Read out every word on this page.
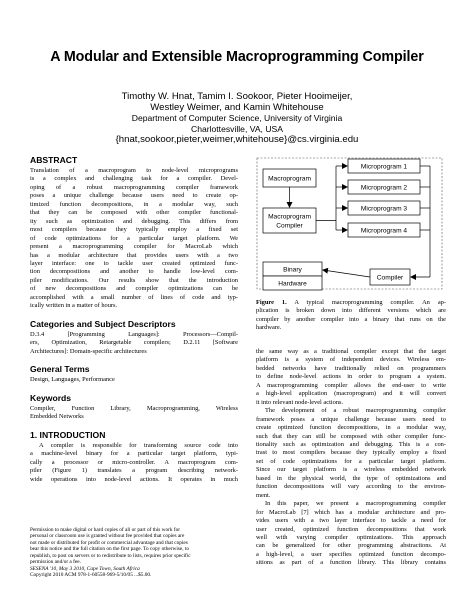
A Modular and Extensible Macroprogramming Compiler
Timothy W. Hnat, Tamim I. Sookoor, Pieter Hooimeijer,
Westley Weimer, and Kamin Whitehouse
Department of Computer Science, University of Virginia
Charlottesville, VA, USA
{hnat,sookoor,pieter,weimer,whitehouse}@cs.virginia.edu
ABSTRACT

Translation of a macroprogram to node-level microprograms

is a complex and challenging task for a compiler. Devel-

oping of a robust macroprogramming compiler framework

poses a unique challenge because users need to create op-

timized function decompositions, in a modular way, such

that they can be composed with other compiler functional-

ity such as optimization and debugging. This differs from

most compilers because they typically employ a fixed set

of code optimizations for a particular target platform. We

present a macroprogramming compiler for MacroLab which

has a modular architecture that provides users with a two

layer interface: one to tackle user created optimized func-

tion decompositions and another to handle low-level com-

piler modifications. Our results show that the introduction

of new decompositions and compiler optimizations can be

accomplished with a small number of lines of code and typ-

ically written in a matter of hours.

Categories and Subject Descriptors

D.3.4 [Programming Languages]: Processors—Compil-

ers, Optimization, Retargetable compilers; D.2.11 [Software

Architectures]: Domain-specific architectures

General Terms
Design, Languages, Performance
Keywords

Compiler, Function Library, Macroprogramming, Wireless

Embedded Networks

1. INTRODUCTION

A compiler is responsible for transforming source code into

a machine-level binary for a particular target platform, typi-

cally a processor or micro-controller. A macroprogram com-

piler (Figure 1) translates a program describing network-

wide operations into node-level actions. It operates in much

Permission to make digital or hard copies of all or part of this work for
personal or classroom use is granted without fee provided that copies are
not made or distributed for profit or commercial advantage and that copies
bear this notice and the full citation on the first page. To copy otherwise, to
republish, to post on servers or to redistribute to lists, requires prior specific
permission and/or a fee.
SESENA '10, May 3 2010, Cape Town, South Africa
Copyright 2010 ACM 978-1-60558-969-5/10/05 ...$5.00.
Macroprogram
Macroprogram
Compiler
Microprogram 1
Microprogram 2
Microprogram 3
Microprogram 4
Compiler
Binary
Hardware

Figure 1. A typical macroprogramming compiler. An ap-

plication is broken down into different versions which are

compiler by another compiler into a binary that runs on the

hardware.

the same way as a traditional compiler except that the target

platform is a system of independent devices. Wireless em-

bedded networks have traditionally relied on programmers

to define node-level actions in order to program a system.

A macroprogramming compiler allows the end-user to write

a high-level application (macroprogram) and it will convert

it into relevant node-level actions.

The development of a robust macroprogramming compiler

framework poses a unique challenge because users need to

create optimized function decompositions, in a modular way,

such that they can still be composed with other compiler func-

tionality such as optimization and debugging. This is a con-

trast to most compilers because they typically employ a fixed

set of code optimizations for a particular target platform.

Since our target platform is a wireless embedded network

based in the physical world, the type of optimizations and

function decompositions will vary according to the environ-

ment.

In this paper, we present a macroprogramming compiler

for MacroLab [7] which has a modular architecture and pro-

vides users with a two layer interface to tackle a need for

user created, optimized function decompositions that work

well with varying compiler optimizations. This approach

can be generalized for other programming abstractions. At

a high-level, a user specifies optimized function decompo-

sitions as part of a function library. This library contains
